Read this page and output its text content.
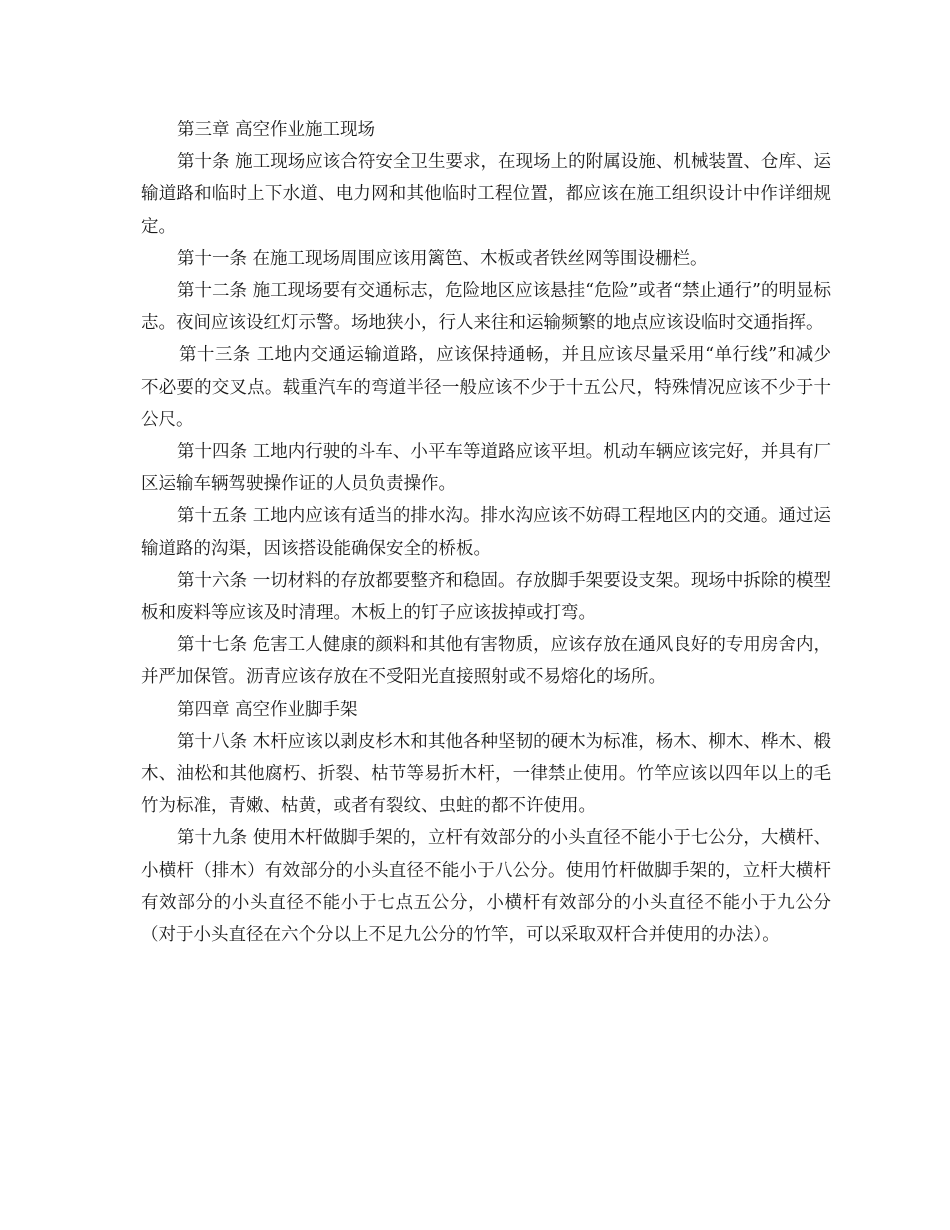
第三章 高空作业施工现场

第十条 施工现场应该合符安全卫生要求，在现场上的附属设施、机械装置、仓库、运输道路和临时上下水道、电力网和其他临时工程位置，都应该在施工组织设计中作详细规定。

第十一条 在施工现场周围应该用篱笆、木板或者铁丝网等围设栅栏。

第十二条 施工现场要有交通标志，危险地区应该悬挂“危险”或者“禁止通行”的明显标志。夜间应该设红灯示警。场地狭小，行人来往和运输频繁的地点应该设临时交通指挥。

第十三条 工地内交通运输道路，应该保持通畅，并且应该尽量采用“单行线”和减少不必要的交叉点。载重汽车的弯道半径一般应该不少于十五公尺，特殊情况应该不少于十公尺。

第十四条 工地内行驶的斗车、小平车等道路应该平坦。机动车辆应该完好，并具有厂区运输车辆驾驶操作证的人员负责操作。

第十五条 工地内应该有适当的排水沟。排水沟应该不妨碍工程地区内的交通。通过运输道路的沟渠，因该搭设能确保安全的桥板。

第十六条 一切材料的存放都要整齐和稳固。存放脚手架要设支架。现场中拆除的模型板和废料等应该及时清理。木板上的钉子应该拔掉或打弯。

第十七条 危害工人健康的颜料和其他有害物质，应该存放在通风良好的专用房舍内，并严加保管。沥青应该存放在不受阳光直接照射或不易熔化的场所。

第四章 高空作业脚手架

第十八条 木杆应该以剥皮杉木和其他各种坚韧的硬木为标准，杨木、柳木、桦木、椴木、油松和其他腐朽、折裂、枯节等易折木杆，一律禁止使用。竹竿应该以四年以上的毛竹为标准，青嫩、枯黄，或者有裂纹、虫蛀的都不许使用。

第十九条 使用木杆做脚手架的，立杆有效部分的小头直径不能小于七公分，大横杆、小横杆（排木）有效部分的小头直径不能小于八公分。使用竹杆做脚手架的，立杆大横杆有效部分的小头直径不能小于七点五公分，小横杆有效部分的小头直径不能小于九公分（对于小头直径在六个分以上不足九公分的竹竿，可以采取双杆合并使用的办法）。
